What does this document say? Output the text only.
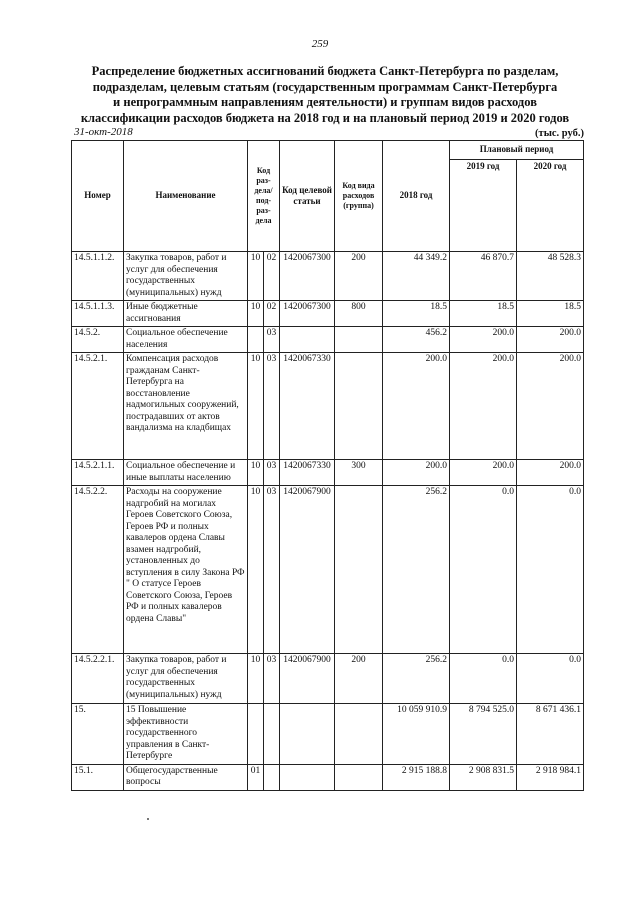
259
Распределение бюджетных ассигнований бюджета Санкт-Петербурга по разделам,
подразделам, целевым статьям (государственным программам Санкт-Петербурга
и непрограммным направлениям деятельности) и группам видов расходов
классификации расходов бюджета на 2018 год и на плановый период 2019 и 2020 годов
31-окт-2018	(тыс. руб.)
Номер	Наименование	Код раз-дела/ под-раз-дела		Код целевой статьи	Код вида расходов (группа)	2018 год	Плановый период	
							2019 год	2020 год
14.5.1.1.2.	Закупка товаров, работ и услуг для обеспечения государственных (муниципальных) нужд	10	02	1420067300	200	44 349.2	46 870.7	48 528.3
14.5.1.1.3.	Иные бюджетные ассигнования	10	02	1420067300	800	18.5	18.5	18.5
14.5.2.	Социальное обеспечение населения		03			456.2	200.0	200.0
14.5.2.1.	Компенсация расходов гражданам Санкт-Петербурга на восстановление надмогильных сооружений, пострадавших от актов вандализма на кладбищах	10	03	1420067330		200.0	200.0	200.0
14.5.2.1.1.	Социальное обеспечение и иные выплаты населению	10	03	1420067330	300	200.0	200.0	200.0
14.5.2.2.	Расходы на сооружение надгробий на могилах Героев Советского Союза, Героев РФ и полных кавалеров ордена Славы взамен надгробий, установленных до вступления в силу Закона РФ " О статусе Героев Советского Союза, Героев РФ и полных кавалеров ордена Славы"	10	03	1420067900		256.2	0.0	0.0
14.5.2.2.1.	Закупка товаров, работ и услуг для обеспечения государственных (муниципальных) нужд	10	03	1420067900	200	256.2	0.0	0.0
15.	15 Повышение эффективности государственного управления в Санкт-Петербурге					10 059 910.9	8 794 525.0	8 671 436.1
15.1.	Общегосударственные вопросы	01				2 915 188.8	2 908 831.5	2 918 984.1
